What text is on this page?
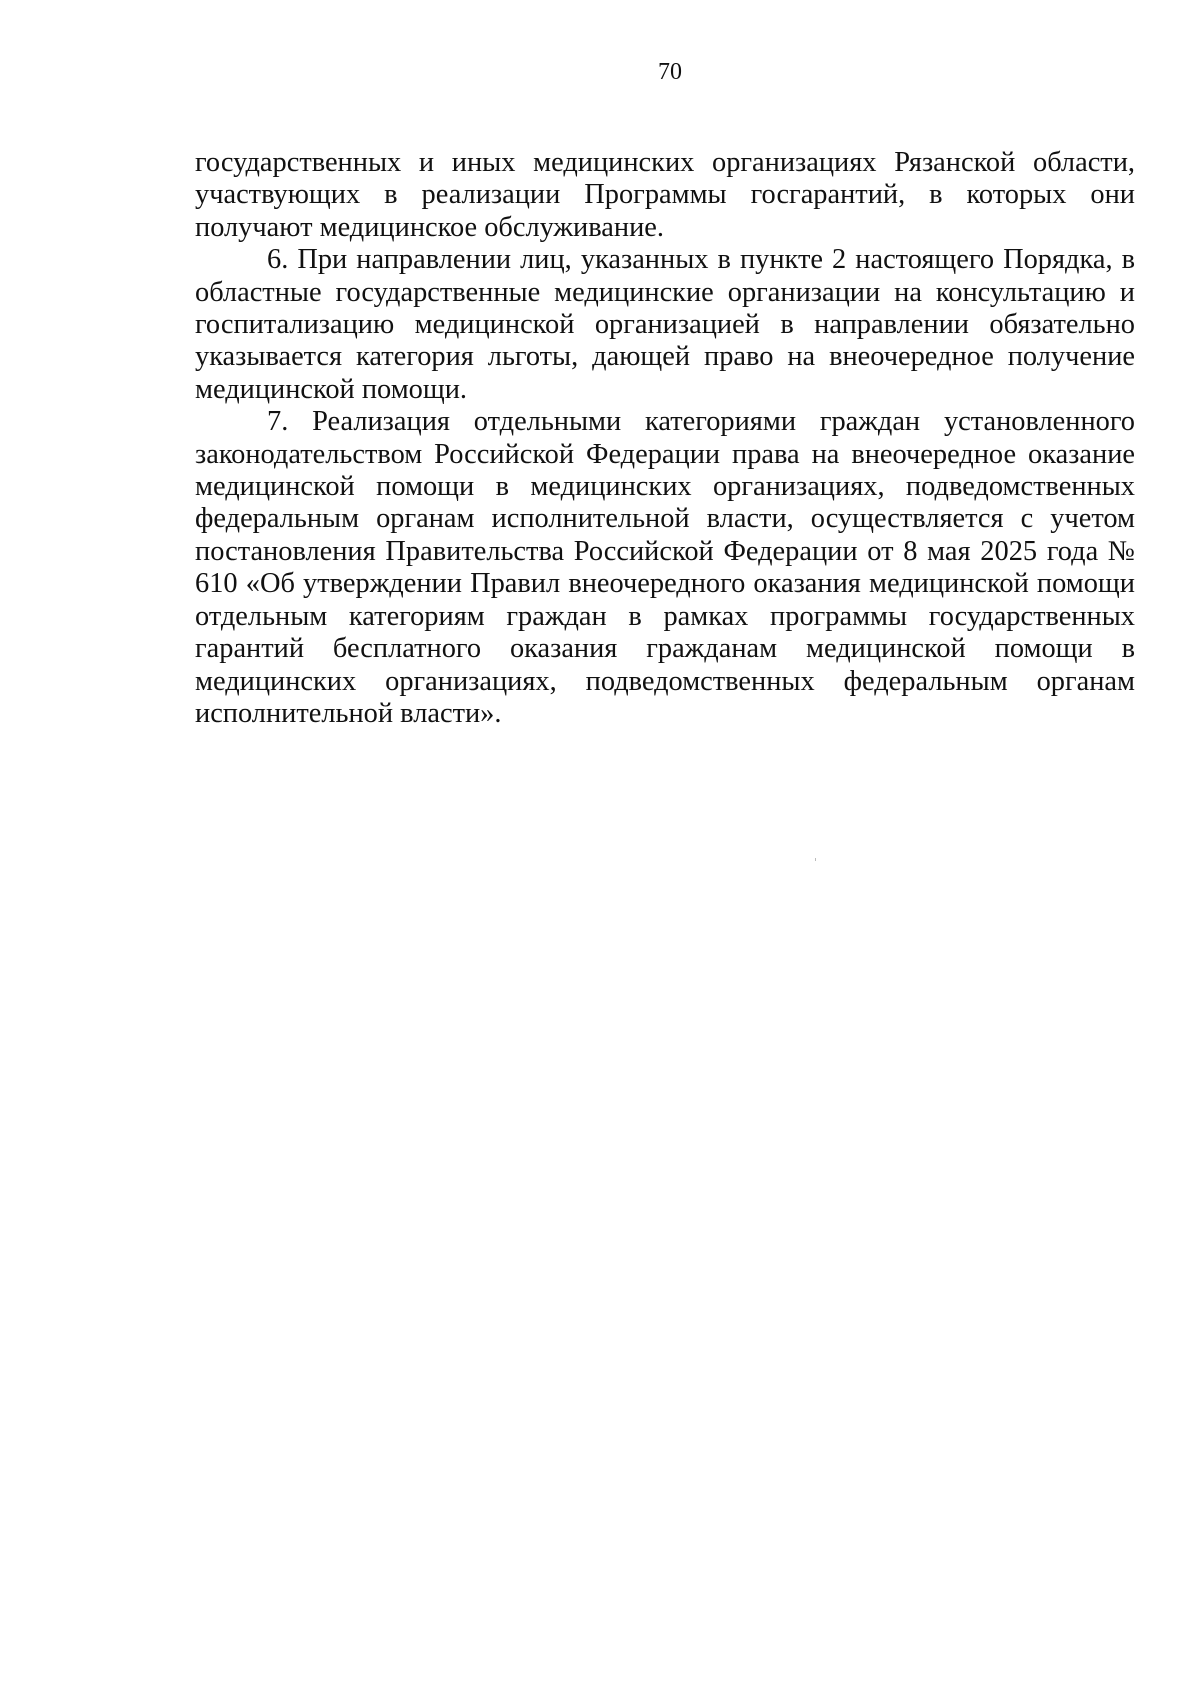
70

государственных и иных медицинских организациях Рязанской области, участвующих в реализации Программы госгарантий, в которых они получают медицинское обслуживание.

6. При направлении лиц, указанных в пункте 2 настоящего Порядка, в областные государственные медицинские организации на консультацию и госпитализацию медицинской организацией в направлении обязательно указывается категория льготы, дающей право на внеочередное получение медицинской помощи.

7. Реализация отдельными категориями граждан установленного законодательством Российской Федерации права на внеочередное оказание медицинской помощи в медицинских организациях, подведомственных федеральным органам исполнительной власти, осуществляется с учетом постановления Правительства Российской Федерации от 8 мая 2025 года № 610 «Об утверждении Правил внеочередного оказания медицинской помощи отдельным категориям граждан в рамках программы государственных гарантий бесплатного оказания гражданам медицинской помощи в медицинских организациях, подведомственных федеральным органам исполнительной власти».
